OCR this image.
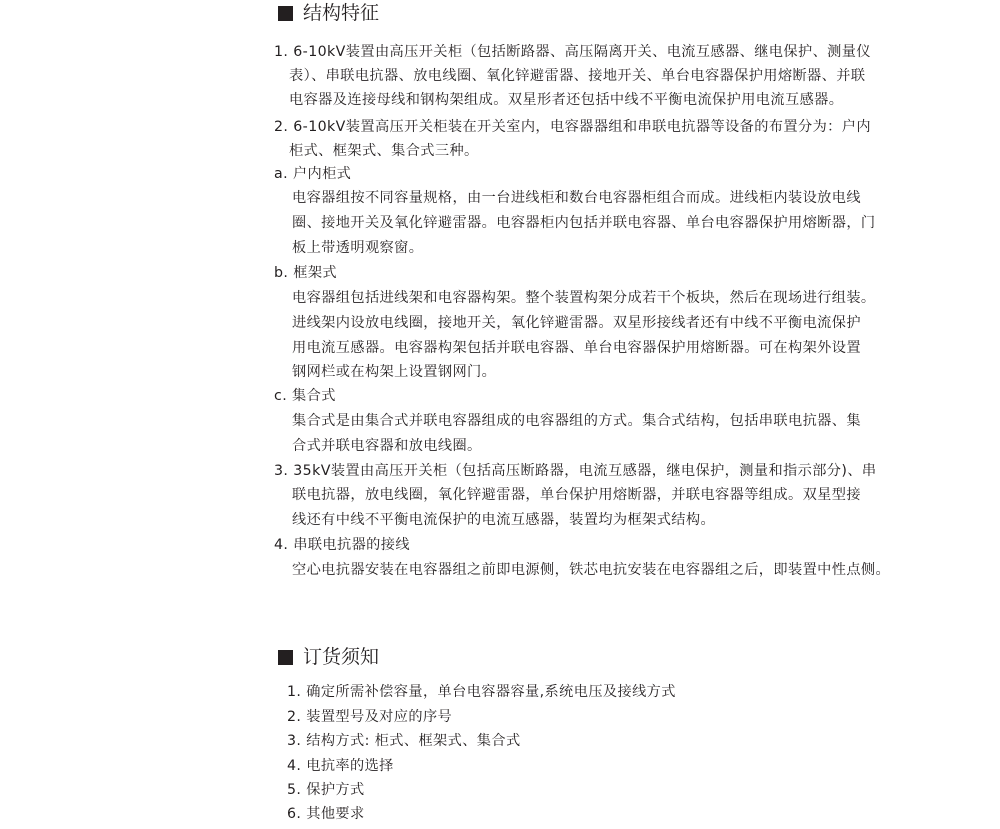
结构特征
1. 6-10kV装置由高压开关柜（包括断路器、高压隔离开关、电流互感器、继电保护、测量仪
表）、串联电抗器、放电线圈、氧化锌避雷器、接地开关、单台电容器保护用熔断器、并联
电容器及连接母线和钢构架组成。双星形者还包括中线不平衡电流保护用电流互感器。
2. 6-10kV装置高压开关柜装在开关室内，电容器器组和串联电抗器等设备的布置分为：户内
柜式、框架式、集合式三种。
a. 户内柜式
电容器组按不同容量规格，由一台进线柜和数台电容器柜组合而成。进线柜内装设放电线
圈、接地开关及氧化锌避雷器。电容器柜内包括并联电容器、单台电容器保护用熔断器，门
板上带透明观察窗。
b. 框架式
电容器组包括进线架和电容器构架。整个装置构架分成若干个板块，然后在现场进行组装。
进线架内设放电线圈，接地开关，氧化锌避雷器。双星形接线者还有中线不平衡电流保护
用电流互感器。电容器构架包括并联电容器、单台电容器保护用熔断器。可在构架外设置
钢网栏或在构架上设置钢网门。
c. 集合式
集合式是由集合式并联电容器组成的电容器组的方式。集合式结构，包括串联电抗器、集
合式并联电容器和放电线圈。
3. 35kV装置由高压开关柜（包括高压断路器，电流互感器，继电保护，测量和指示部分)、串
联电抗器，放电线圈，氧化锌避雷器，单台保护用熔断器，并联电容器等组成。双星型接
线还有中线不平衡电流保护的电流互感器，装置均为框架式结构。
4. 串联电抗器的接线
空心电抗器安装在电容器组之前即电源侧，铁芯电抗安装在电容器组之后，即装置中性点侧。
订货须知
1. 确定所需补偿容量，单台电容器容量,系统电压及接线方式
2. 装置型号及对应的序号
3. 结构方式: 柜式、框架式、集合式
4. 电抗率的选择
5. 保护方式
6. 其他要求
